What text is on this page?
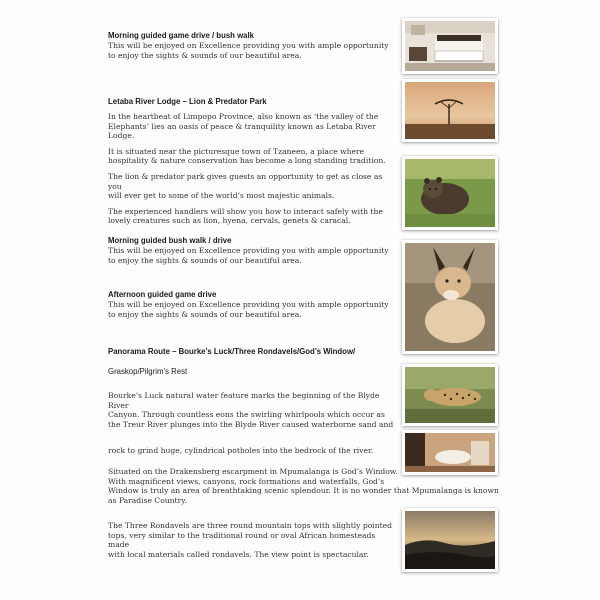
Morning guided game drive / bush walk
This will be enjoyed on Excellence providing you with ample opportunity
to enjoy the sights & sounds of our beautiful area.
Letaba River Lodge – Lion & Predator Park
In the heartbeat of Limpopo Province, also known as ‘the valley of the
Elephants’ lies an oasis of peace & tranquility known as Letaba River Lodge.
It is situated near the picturesque town of Tzaneen, a place where
hospitality & nature conservation has become a long standing tradition.
The lion & predator park gives guests an opportunity to get as close as you
will ever get to some of the world’s most majestic animals.
The experienced handlers will show you how to interact safely with the
lovely creatures such as lion, hyena, cervals, genets & caracal.
Morning guided bush walk / drive
This will be enjoyed on Excellence providing you with ample opportunity
to enjoy the sights & sounds of our beautiful area.
Afternoon guided game drive
This will be enjoyed on Excellence providing you with ample opportunity
to enjoy the sights & sounds of our beautiful area.
Panorama Route – Bourke’s Luck/Three Rondavels/God’s Window/
Graskop/Pilgrim’s Rest
Bourke’s Luck natural water feature marks the beginning of the Blyde River
Canyon. Through countless eons the swirling whirlpools which occur as
the Treur River plunges into the Blyde River caused waterborne sand and
rock to grind huge, cylindrical potholes into the bedrock of the river.
Situated on the Drakensberg escarpment in Mpumalanga is God’s Window.
With magnificent views, canyons, rock formations and waterfalls, God’s
Window is truly an area of breathtaking scenic splendour. It is no wonder that Mpumalanga is known
as Paradise Country.
The Three Rondavels are three round mountain tops with slightly pointed
tops, very similar to the traditional round or oval African homesteads made
with local materials called rondavels. The view point is spectacular.
